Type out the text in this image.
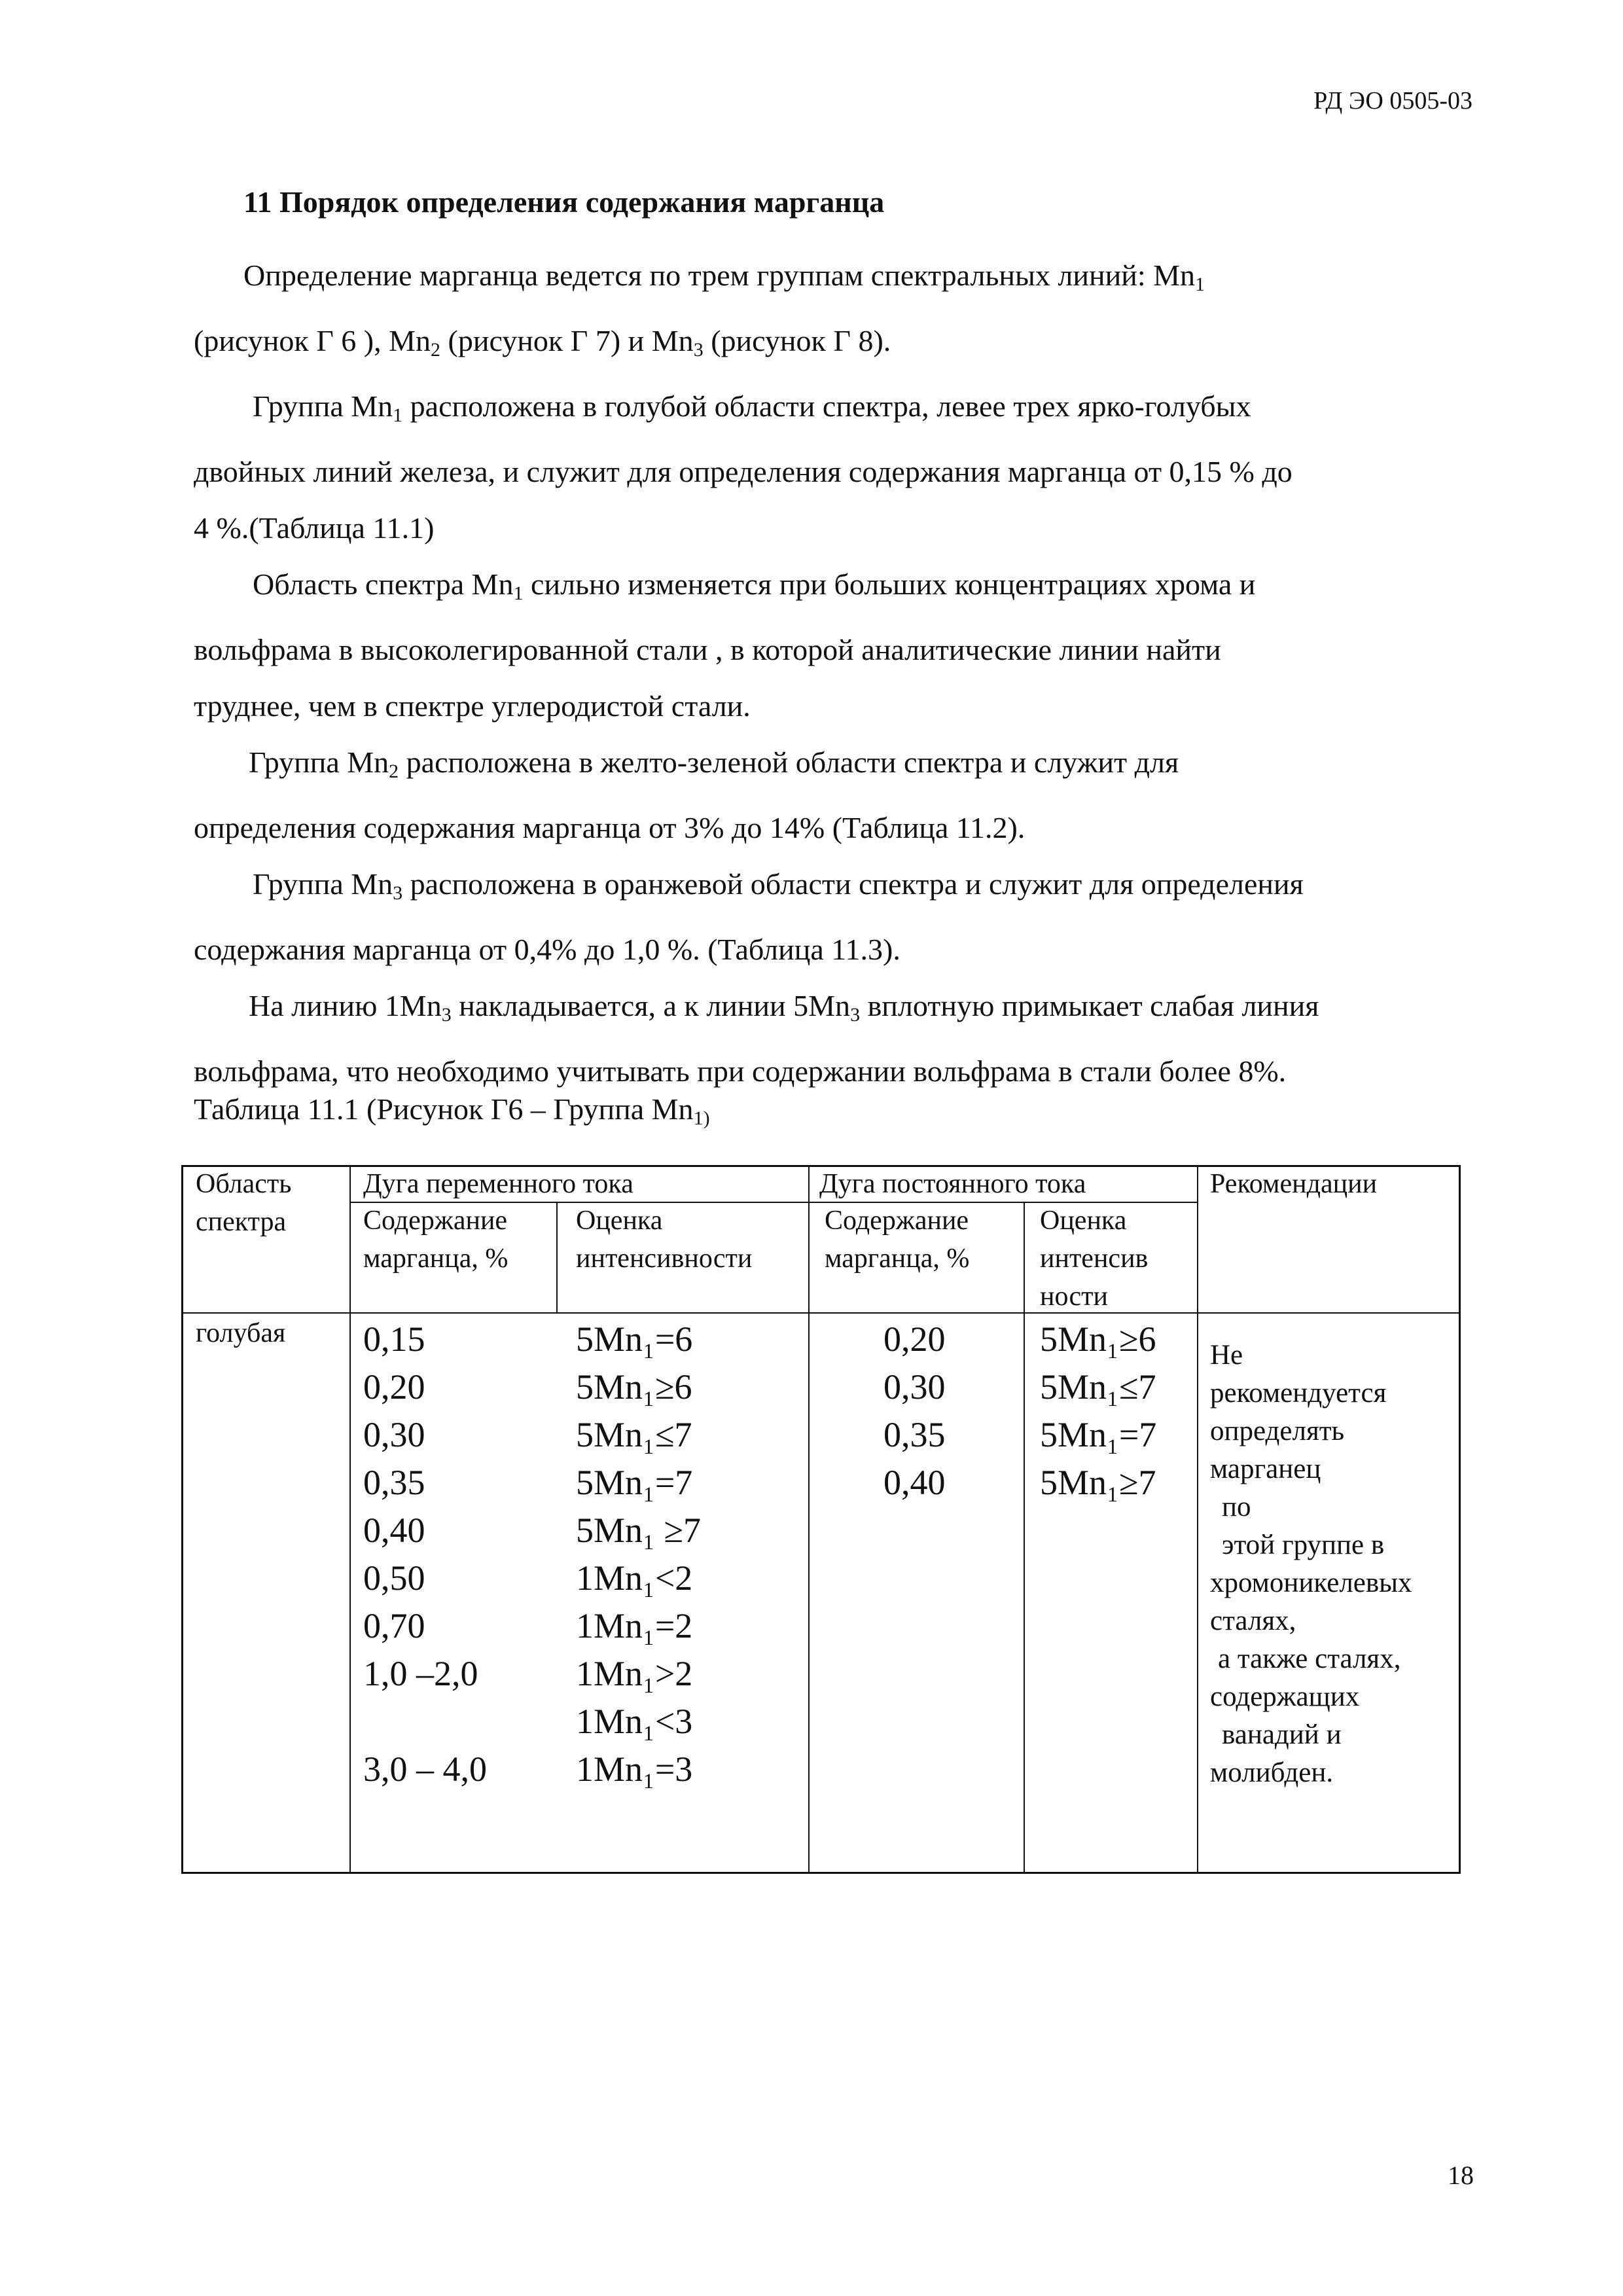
РД ЭО 0505-03
11 Порядок определения содержания марганца
Определение марганца ведется по трем группам спектральных линий: $Mn_1$
(рисунок Г 6 ), $Mn_2$ (рисунок Г 7) и $Mn_3$ (рисунок Г 8).
Группа $Mn_1$ расположена в голубой области спектра, левее трех ярко-голубых
двойных линий железа, и служит для определения содержания марганца от 0,15 % до
4 %.(Таблица 11.1)
Область спектра $Mn_1$ сильно изменяется при больших концентрациях хрома и
вольфрама в высоколегированной стали , в которой аналитические линии найти
труднее, чем в спектре углеродистой стали.
Группа $Mn_2$ расположена в желто-зеленой области спектра и служит для
определения содержания марганца от 3% до 14% (Таблица 11.2).
Группа $Mn_3$ расположена в оранжевой области спектра и служит для определения
содержания марганца от 0,4% до 1,0 %. (Таблица 11.3).
На линию $1Mn_3$ накладывается, а к линии $5Mn_3$ вплотную примыкает слабая линия
вольфрама, что необходимо учитывать при содержании вольфрама в стали более 8%.
Таблица 11.1 (Рисунок Г6 – Группа $Mn_{1)}$
Область
спектра
Дуга переменного тока	Дуга постоянного тока	Рекомендации
Содержание
марганца, %
Оценка
интенсивности
Содержание
марганца, %
Оценка
интенсив
ности
голубая 0,15
0,20
0,30
0,35
0,40
0,50
0,70
1,0 –2,0
3,0 – 4,0
5Mn₁=6
5Mn₁≥6
5Mn₁≤7
5Mn₁=7
5Mn₁ ≥7
1Mn₁<2
1Mn₁=2
1Mn₁>2
1Mn₁<3
1Mn₁=3
0,20
0,30
0,35
0,40
5Mn₁≥6
5Mn₁≤7
5Mn₁=7
5Mn₁≥7
Не
рекомендуется
определять
марганец
по
этой группе в
хромоникелевых
сталях,
а также сталях,
содержащих
ванадий и
молибден.
18
